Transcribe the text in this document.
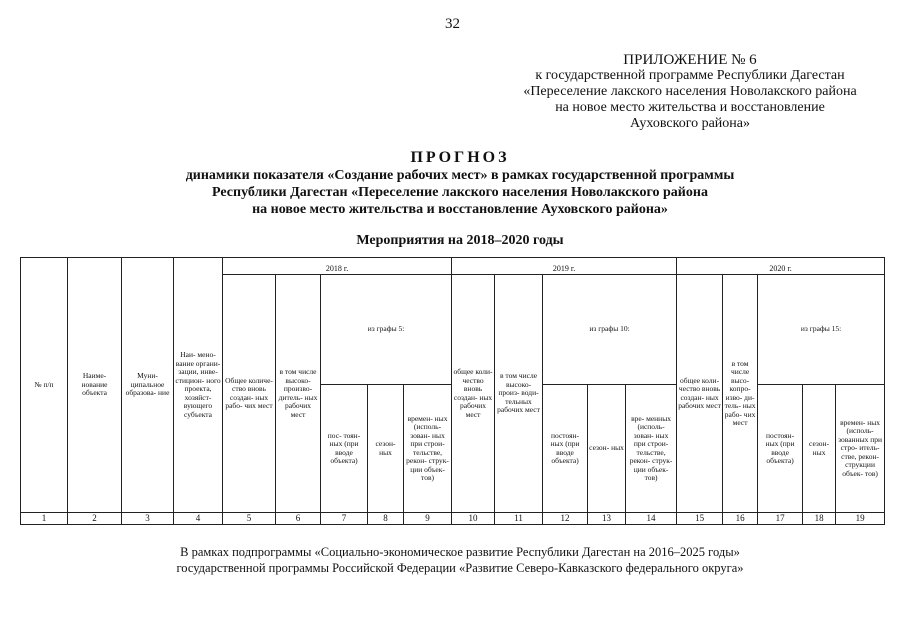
32
ПРИЛОЖЕНИЕ № 6
к государственной программе Республики Дагестан
«Переселение лакского населения Новолакского района
на новое место жительства и восстановление
Ауховского района»
ПРОГНОЗ
динамики показателя «Создание рабочих мест» в рамках государственной программы
Республики Дагестан «Переселение лакского населения Новолакского района
на новое место жительства и восстановление Ауховского района»
Мероприятия на 2018–2020 годы
№ п/п	Наиме- нование объекта	Муни- ципальное образова- ние	Наи- мено- вание органи- зации, инве- стицион- ного проекта, хозяйст- вующего субъекта	2018 г.					2019 г.					2020 г.				
				Общее количе- ство вновь создан- ных рабо- чих мест	в том числе высоко- произво- дитель- ных рабочих мест	из графы 5:			общее коли- чество вновь создан- ных рабочих мест	в том числе высоко- произ- води- тельных рабочих мест	из графы 10:			общее коли- чество вновь создан- ных рабочих мест	в том числе высо- копро- изво- ди- тель- ных рабо- чих мест	из графы 15:		
						пос- тоян- ных (при вводе объекта)	сезон- ных	времен- ных (исполь- зован- ных при строи- тельстве, рекон- струк- ции объек- тов)			постоян- ных (при вводе объекта)	сезон- ных	вре- менных (исполь- зован- ных при строи- тельстве, рекон- струк- ции объек- тов)			постоян- ных (при вводе объекта)	сезон- ных	времен- ных (исполь- зованных при стро- итель- стве, рекон- струкции объек- тов)
1	2	3	4	5	6	7	8	9	10	11	12	13	14	15	16	17	18	19
В рамках подпрограммы «Социально-экономическое развитие Республики Дагестан на 2016–2025 годы»
государственной программы Российской Федерации «Развитие Северо-Кавказского федерального округа»
